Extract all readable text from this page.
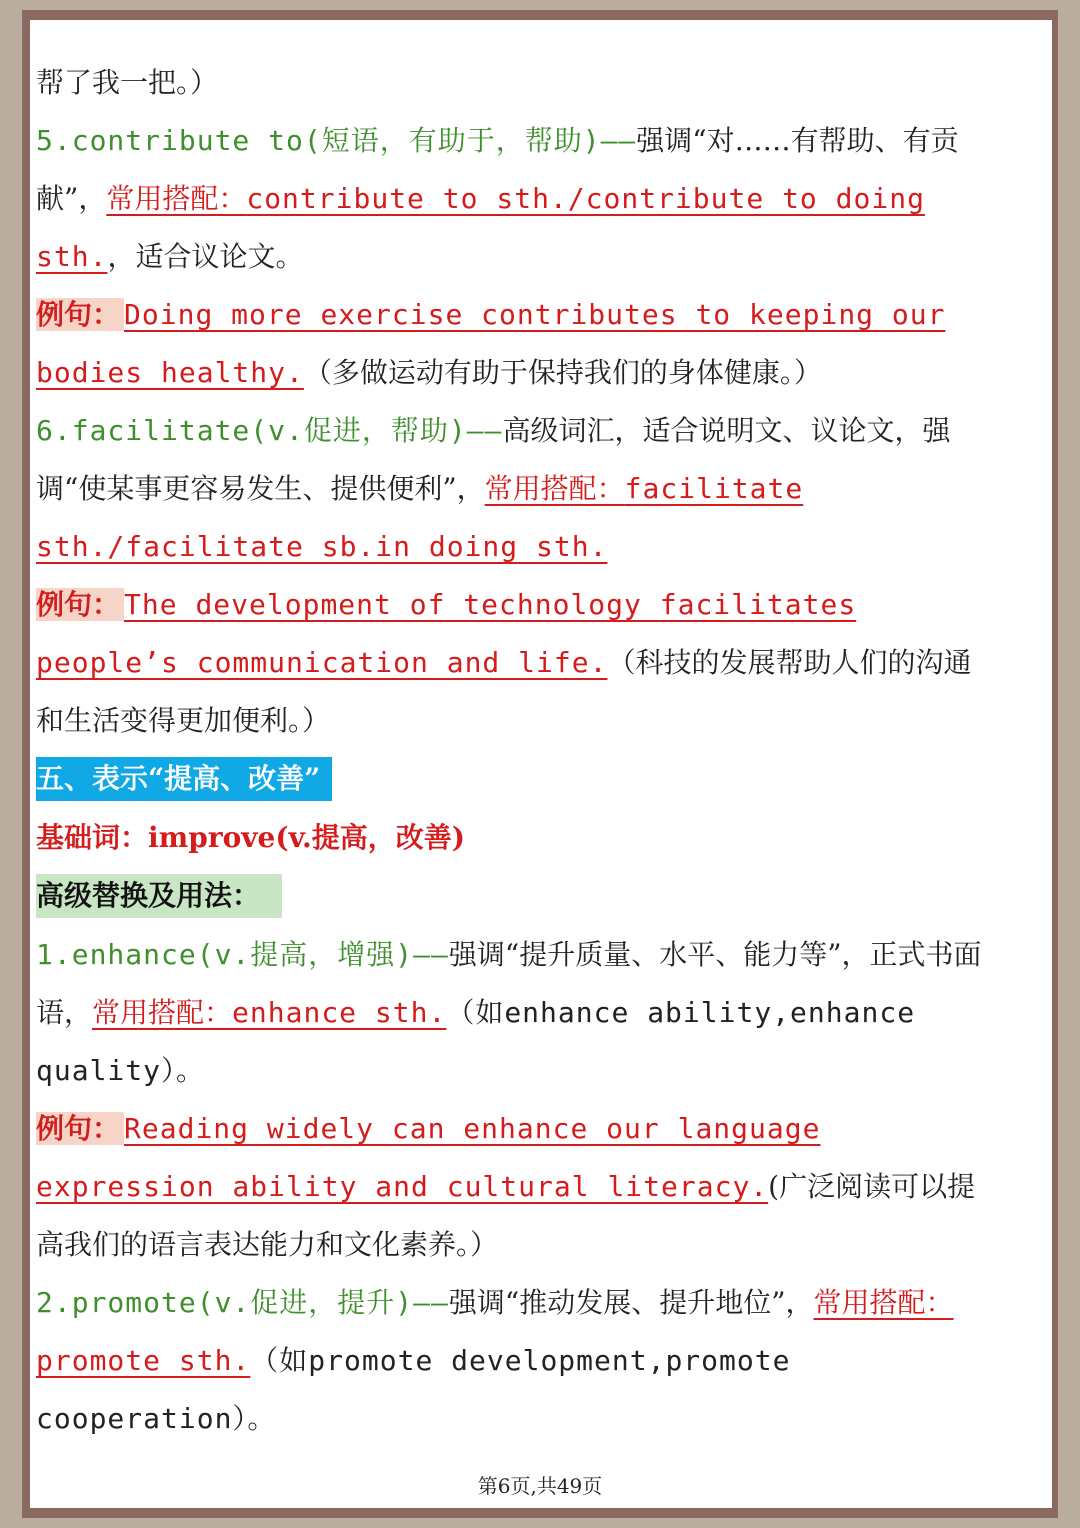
帮了我一把。）

5.contribute to(短语，有助于，帮助)——强调“对……有帮助、有贡献”，常用搭配：contribute to sth./contribute to doing sth.，适合议论文。

例句： Doing more exercise contributes to keeping our bodies healthy.（多做运动有助于保持我们的身体健康。）

6.facilitate(v.促进，帮助)——高级词汇，适合说明文、议论文，强调“使某事更容易发生、提供便利”，常用搭配：facilitate sth./facilitate sb.in doing sth.

例句： The development of technology facilitates people’s communication and life.（科技的发展帮助人们的沟通和生活变得更加便利。）

五、表示“提高、改善”

基础词：improve(v.提高，改善)

高级替换及用法：

1.enhance(v.提高，增强)——强调“提升质量、水平、能力等”，正式书面语，常用搭配：enhance sth.（如enhance ability,enhance quality）。

例句： Reading widely can enhance our language expression ability and cultural literacy.(广泛阅读可以提高我们的语言表达能力和文化素养。）

2.promote(v.促进，提升)——强调“推动发展、提升地位”，常用搭配：promote sth.（如promote development,promote cooperation）。

第6页,共49页
